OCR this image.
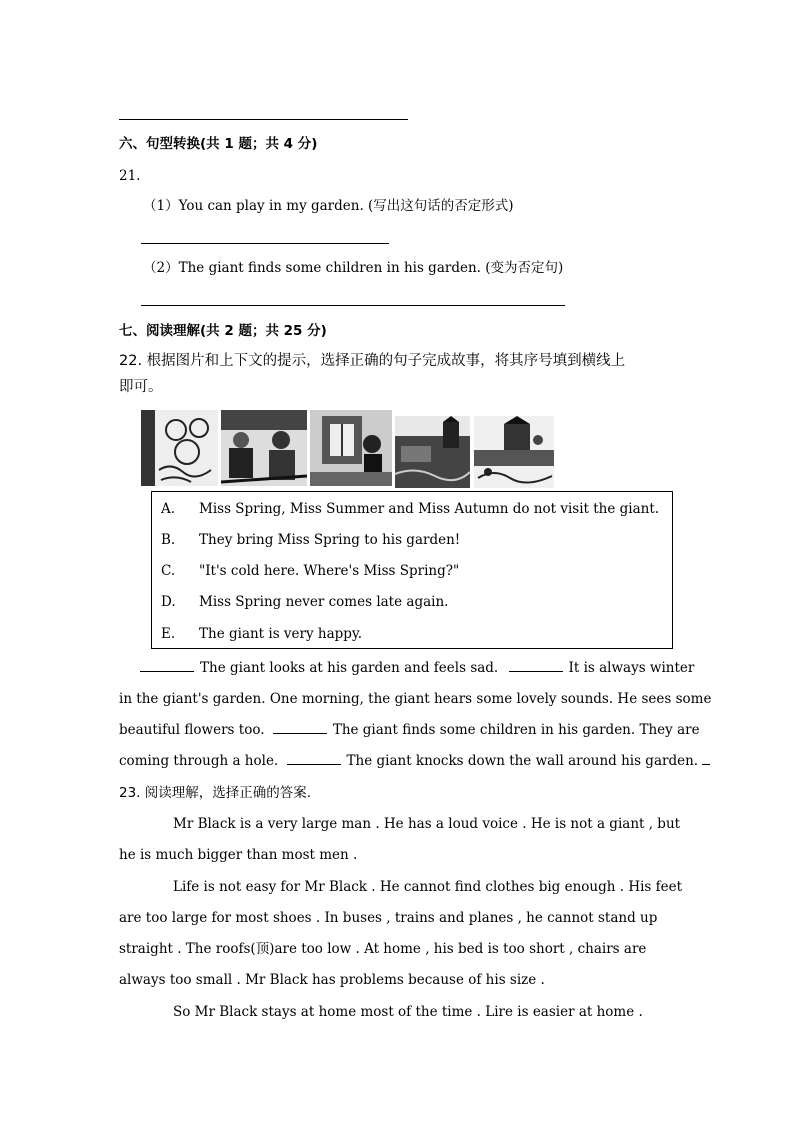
六、句型转换(共 1 题；共 4 分)
21.
（1）You can play in my garden. (写出这句话的否定形式)
（2）The giant finds some children in his garden. (变为否定句)
七、阅读理解(共 2 题；共 25 分)
22. 根据图片和上下文的提示，选择正确的句子完成故事，将其序号填到横线上
即可。
A. Miss Spring, Miss Summer and Miss Autumn do not visit the giant.
B. They bring Miss Spring to his garden!
C. "It's cold here. Where's Miss Spring?"
D. Miss Spring never comes late again.
E. The giant is very happy.
The giant looks at his garden and feels sad.	It is always winter
in the giant's garden. One morning, the giant hears some lovely sounds. He sees some
beautiful flowers too.	The giant finds some children in his garden. They are
coming through a hole.	The giant knocks down the wall around his garden.
23. 阅读理解，选择正确的答案.
Mr Black is a very large man . He has a loud voice . He is not a giant , but
he is much bigger than most men .
Life is not easy for Mr Black . He cannot find clothes big enough . His feet
are too large for most shoes . In buses , trains and planes , he cannot stand up
straight . The roofs(顶)are too low . At home , his bed is too short , chairs are
always too small . Mr Black has problems because of his size .
So Mr Black stays at home most of the time . Lire is easier at home .
